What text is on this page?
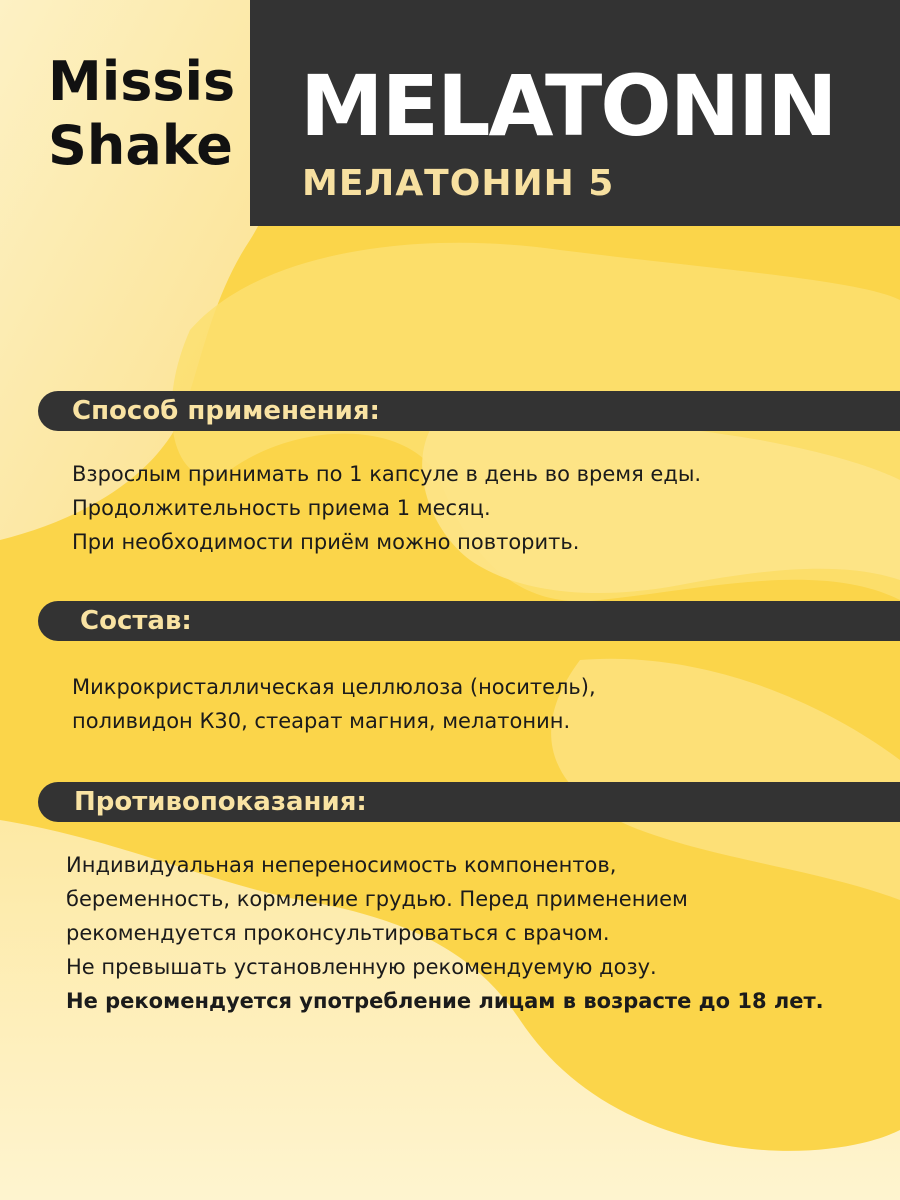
Missis
Shake MELATONIN
МЕЛАТОНИН 5
Способ применения:
Взрослым принимать по 1 капсуле в день во время еды.
Продолжительность приема 1 месяц.
При необходимости приём можно повторить.
Состав:
Микрокристаллическая целлюлоза (носитель),
поливидон К30, стеарат магния, мелатонин.
Противопоказания:
Индивидуальная непереносимость компонентов,
беременность, кормление грудью. Перед применением
рекомендуется проконсультироваться с врачом.
Не превышать установленную рекомендуемую дозу.
Не рекомендуется употребление лицам в возрасте до 18 лет.
